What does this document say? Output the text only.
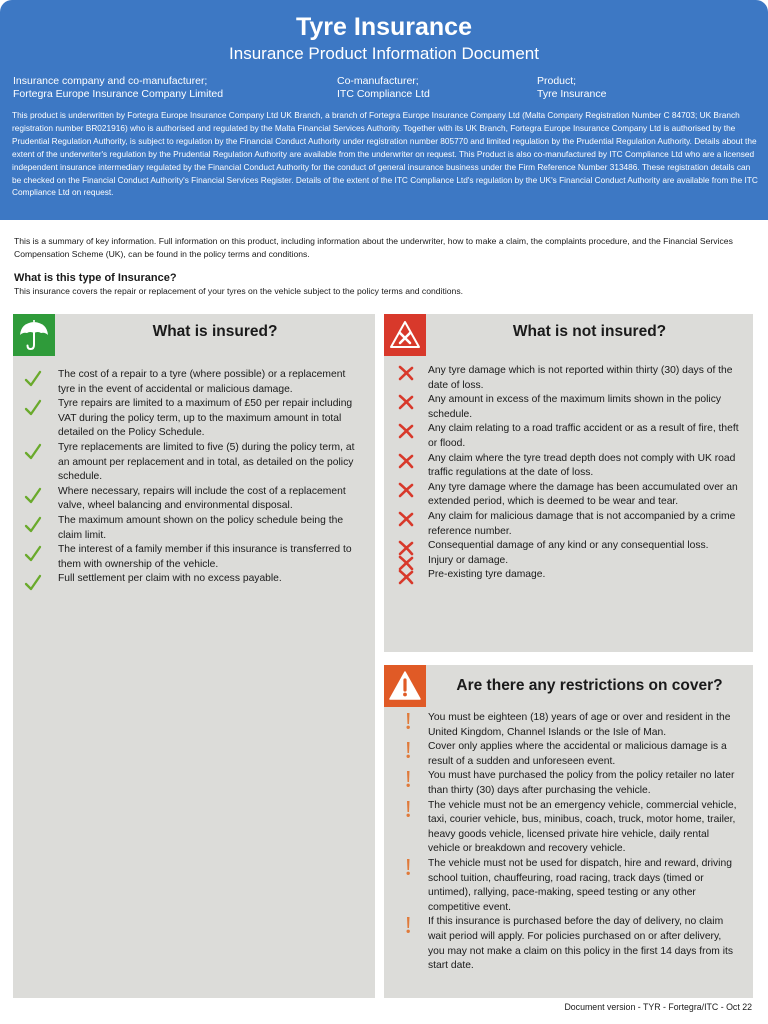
Tyre Insurance
Insurance Product Information Document
Insurance company and co-manufacturer;
Fortegra Europe Insurance Company Limited
Co-manufacturer;
ITC Compliance Ltd
Product;
Tyre Insurance

This product is underwritten by Fortegra Europe Insurance Company Ltd UK Branch, a branch of Fortegra Europe Insurance Company Ltd (Malta Company Registration Number C 84703; UK Branch registration number BR021916) who is authorised and regulated by the Malta Financial Services Authority. Together with its UK Branch, Fortegra Europe Insurance Company Ltd is authorised by the Prudential Regulation Authority, is subject to regulation by the Financial Conduct Authority under registration number 805770 and limited regulation by the Prudential Regulation Authority. Details about the extent of the underwriter's regulation by the Prudential Regulation Authority are available from the underwriter on request. This Product is also co-manufactured by ITC Compliance Ltd who are a licensed independent insurance intermediary regulated by the Financial Conduct Authority for the conduct of general insurance business under the Firm Reference Number 313486. These registration details can be checked on the Financial Conduct Authority's Financial Services Register. Details of the extent of the ITC Compliance Ltd's regulation by the UK's Financial Conduct Authority are available from the ITC Compliance Ltd on request.

This is a summary of key information. Full information on this product, including information about the underwriter, how to make a claim, the complaints procedure, and the Financial Services Compensation Scheme (UK), can be found in the policy terms and conditions.

What is this type of Insurance?

This insurance covers the repair or replacement of your tyres on the vehicle subject to the policy terms and conditions.

What is insured?
The cost of a repair to a tyre (where possible) or a replacement tyre in the event of accidental or malicious damage.
Tyre repairs are limited to a maximum of £50 per repair including VAT during the policy term, up to the maximum amount in total detailed on the Policy Schedule.
Tyre replacements are limited to five (5) during the policy term, at an amount per replacement and in total, as detailed on the policy schedule.
Where necessary, repairs will include the cost of a replacement valve, wheel balancing and environmental disposal.
The maximum amount shown on the policy schedule being the claim limit.
The interest of a family member if this insurance is transferred to them with ownership of the vehicle.
Full settlement per claim with no excess payable.
What is not insured?
Any tyre damage which is not reported within thirty (30) days of the date of loss.
Any amount in excess of the maximum limits shown in the policy schedule.
Any claim relating to a road traffic accident or as a result of fire, theft or flood.
Any claim where the tyre tread depth does not comply with UK road traffic regulations at the date of loss.
Any tyre damage where the damage has been accumulated over an extended period, which is deemed to be wear and tear.
Any claim for malicious damage that is not accompanied by a crime reference number.
Consequential damage of any kind or any consequential loss.
Injury or damage.
Pre-existing tyre damage.
Are there any restrictions on cover?
You must be eighteen (18) years of age or over and resident in the United Kingdom, Channel Islands or the Isle of Man.
Cover only applies where the accidental or malicious damage is a result of a sudden and unforeseen event.
You must have purchased the policy from the policy retailer no later than thirty (30) days after purchasing the vehicle.
The vehicle must not be an emergency vehicle, commercial vehicle, taxi, courier vehicle, bus, minibus, coach, truck, motor home, trailer, heavy goods vehicle, licensed private hire vehicle, daily rental vehicle or breakdown and recovery vehicle.
The vehicle must not be used for dispatch, hire and reward, driving school tuition, chauffeuring, road racing, track days (timed or untimed), rallying, pace-making, speed testing or any other competitive event.
If this insurance is purchased before the day of delivery, no claim wait period will apply. For policies purchased on or after delivery, you may not make a claim on this policy in the first 14 days from its start date.
Document version - TYR - Fortegra/ITC - Oct 22
